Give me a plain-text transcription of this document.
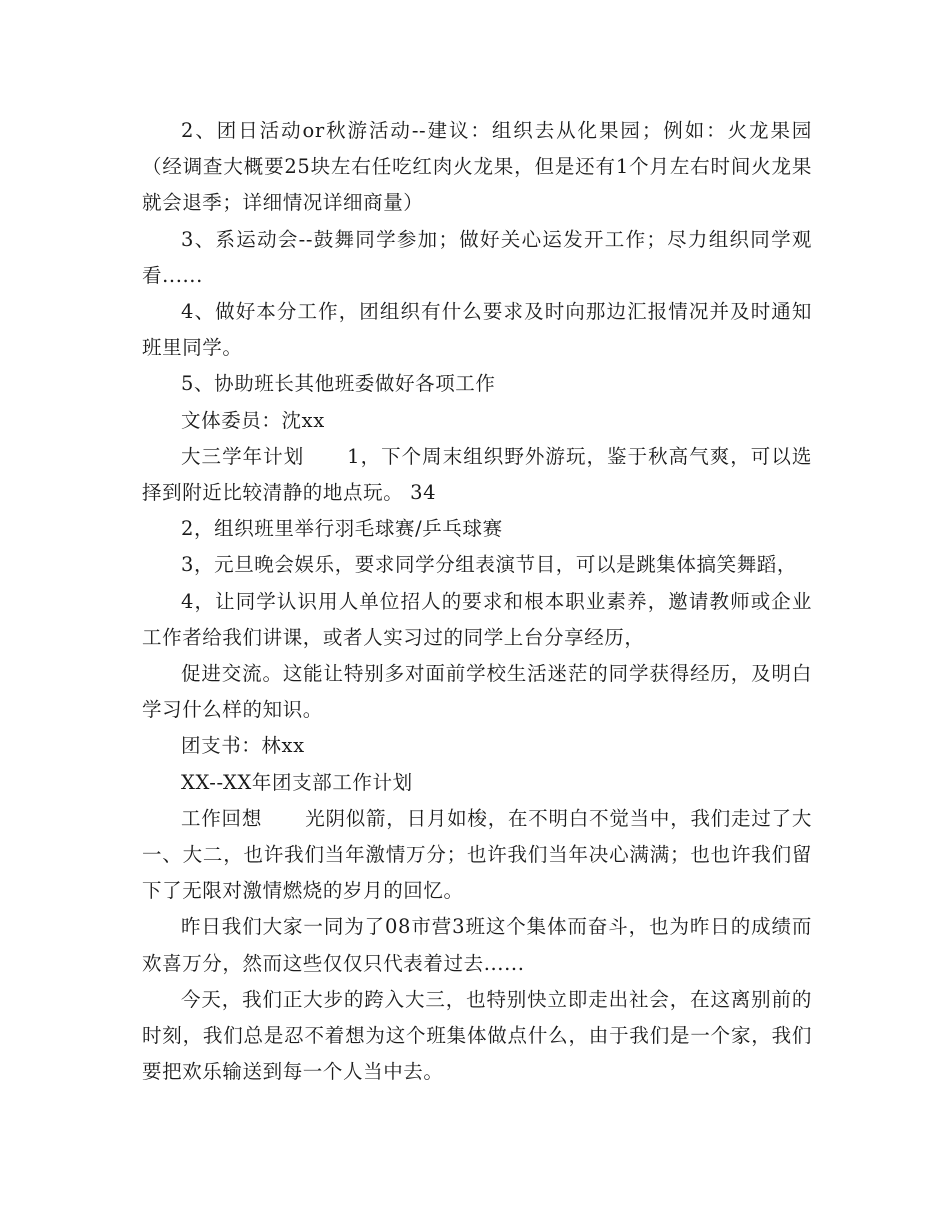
2、团日活动or秋游活动--建议：组织去从化果园；例如：火龙果园（经调查大概要25块左右任吃红肉火龙果，但是还有1个月左右时间火龙果就会退季；详细情况详细商量）

3、系运动会--鼓舞同学参加；做好关心运发开工作；尽力组织同学观看......

4、做好本分工作，团组织有什么要求及时向那边汇报情况并及时通知班里同学。

5、协助班长其他班委做好各项工作

文体委员：沈xx

大三学年计划 1，下个周末组织野外游玩，鉴于秋高气爽，可以选择到附近比较清静的地点玩。 34

2，组织班里举行羽毛球赛/乒乓球赛

3，元旦晚会娱乐，要求同学分组表演节目，可以是跳集体搞笑舞蹈，

4，让同学认识用人单位招人的要求和根本职业素养，邀请教师或企业工作者给我们讲课，或者人实习过的同学上台分享经历，

促进交流。这能让特别多对面前学校生活迷茫的同学获得经历，及明白学习什么样的知识。

团支书：林xx

XX--XX年团支部工作计划

工作回想 光阴似箭，日月如梭，在不明白不觉当中，我们走过了大一、大二，也许我们当年激情万分；也许我们当年决心满满；也也许我们留下了无限对激情燃烧的岁月的回忆。

昨日我们大家一同为了08市营3班这个集体而奋斗，也为昨日的成绩而欢喜万分，然而这些仅仅只代表着过去......

今天，我们正大步的跨入大三，也特别快立即走出社会，在这离别前的时刻，我们总是忍不着想为这个班集体做点什么，由于我们是一个家，我们要把欢乐输送到每一个人当中去。
